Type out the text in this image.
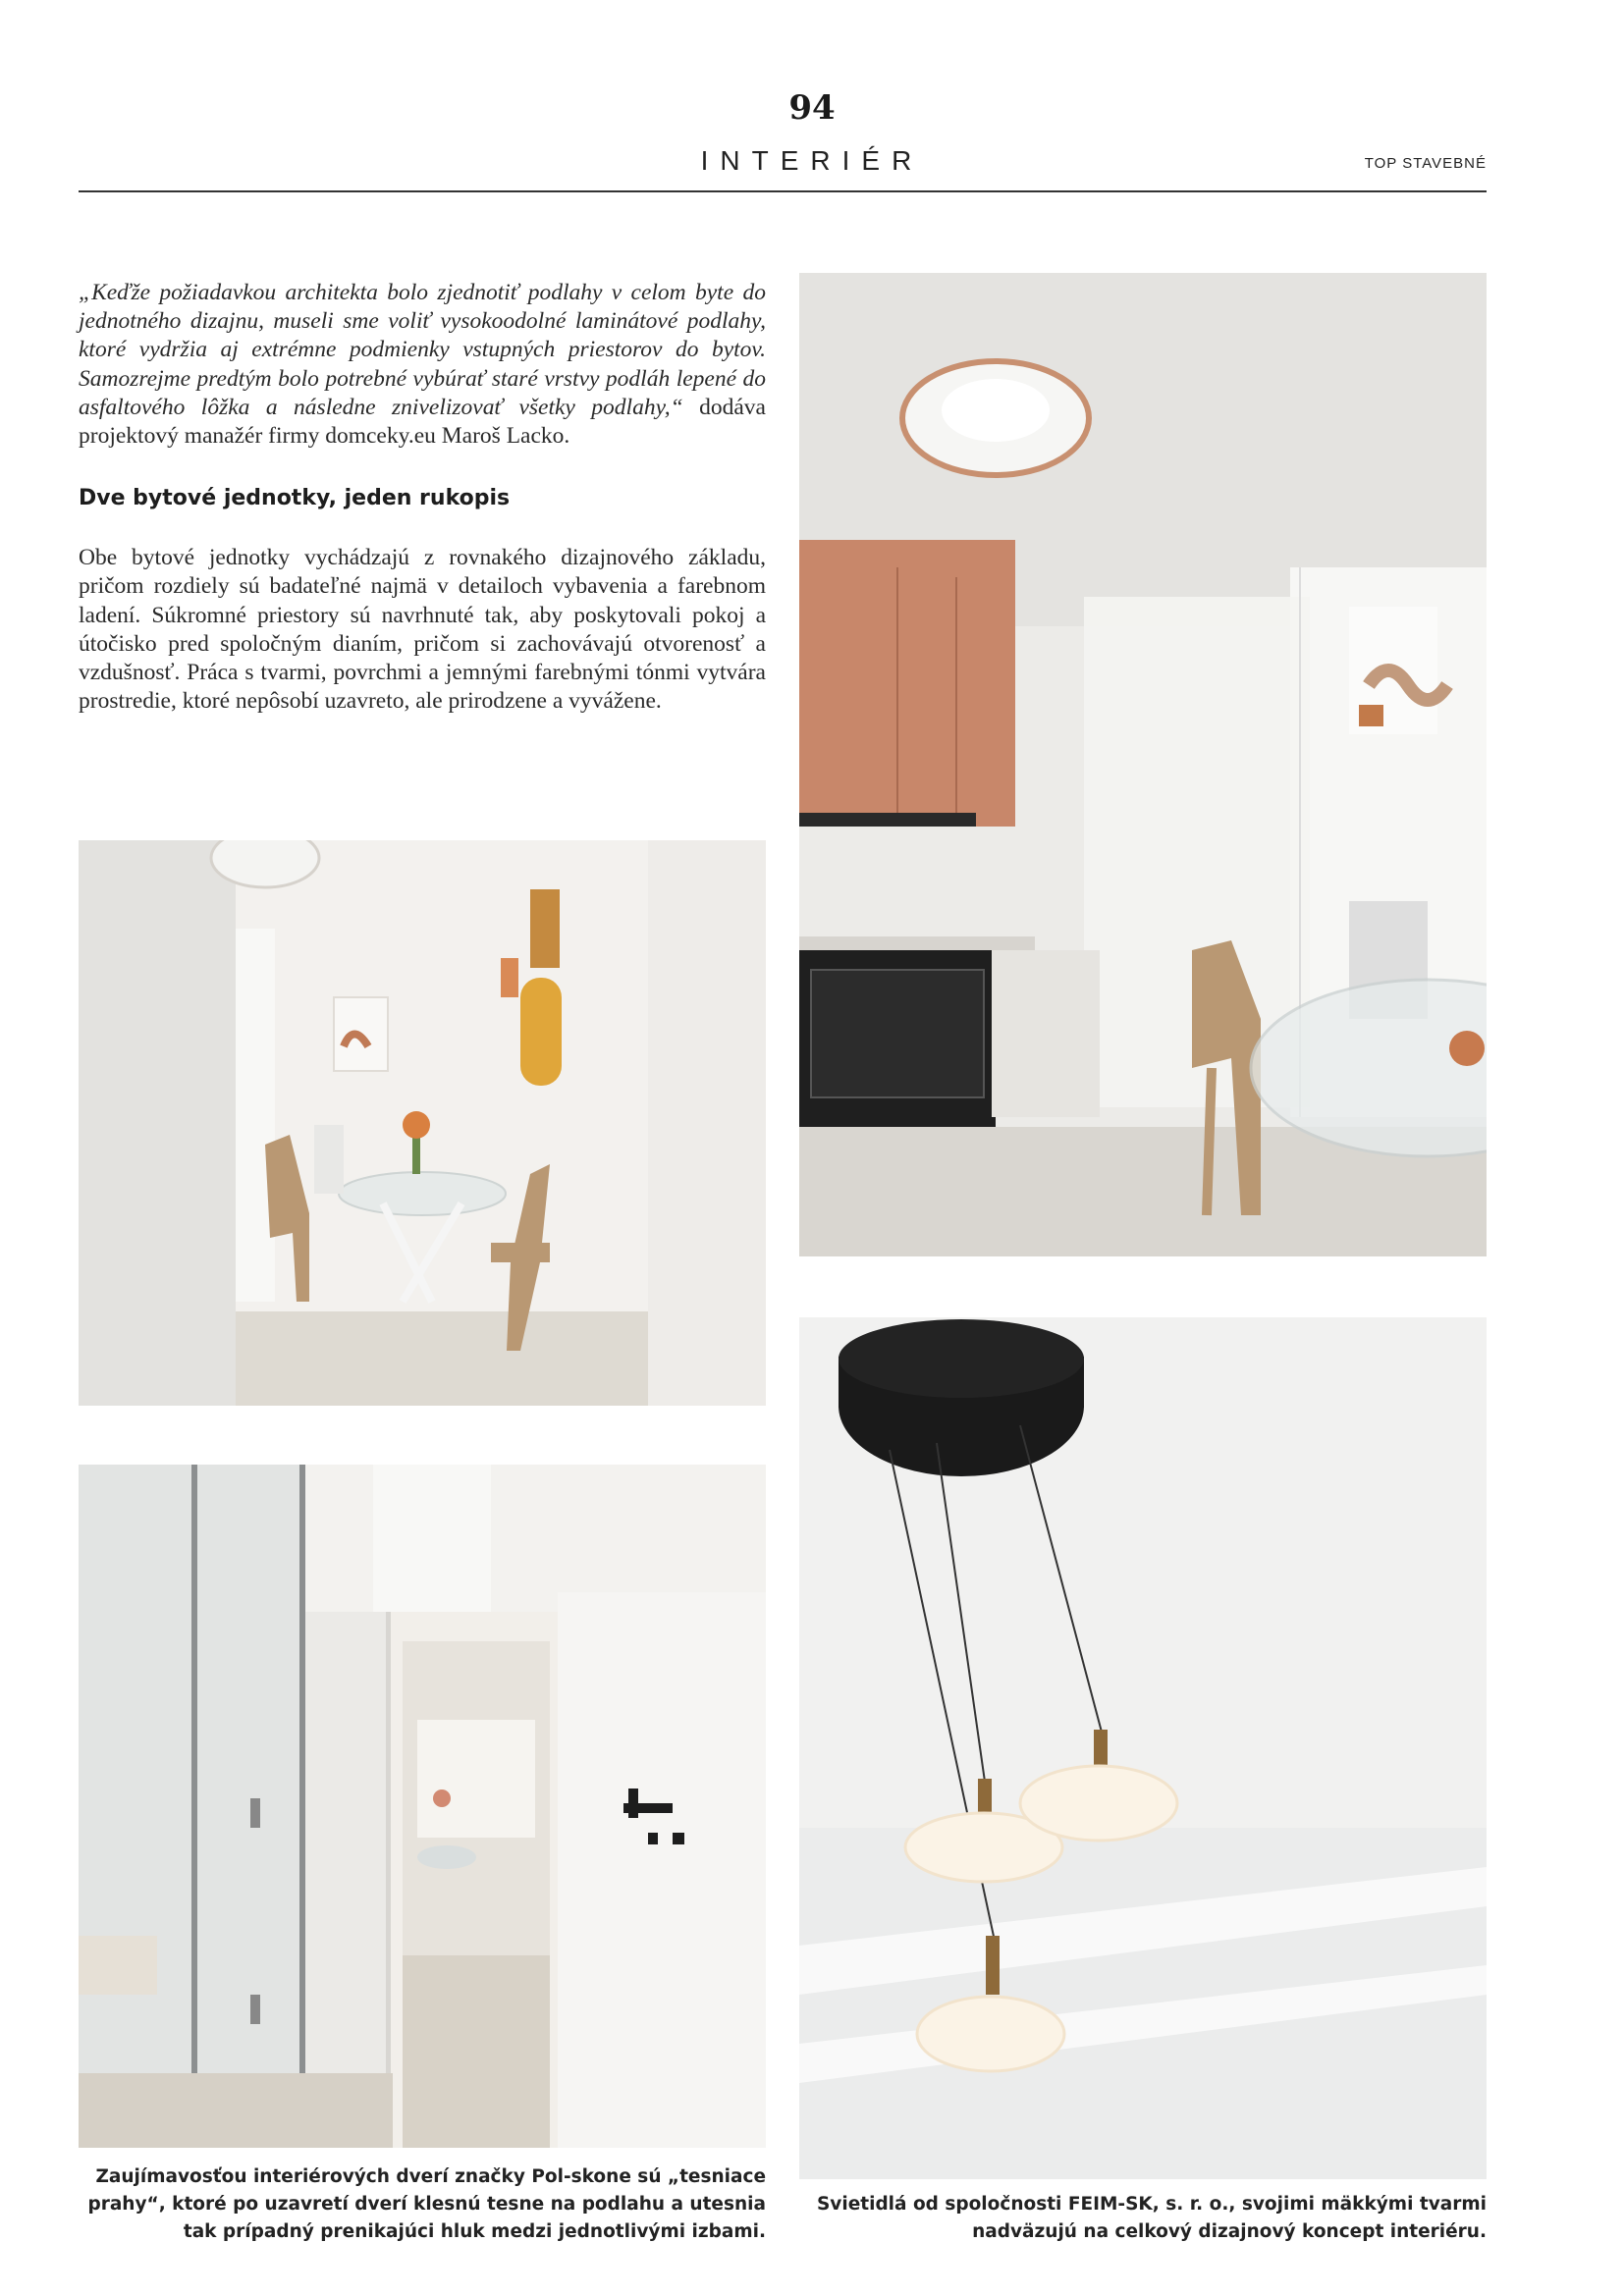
94
INTERIÉR	TOP STAVEBNÉ

„Keďže požiadavkou architekta bolo zjednotiť podlahy v celom byte do jednotného dizajnu, museli sme voliť vysokoodolné laminátové podlahy, ktoré vydržia aj extrémne podmienky vstupných priestorov do bytov. Samozrejme predtým bolo potrebné vybúrať staré vrstvy podláh lepené do asfaltového lôžka a následne znivelizovať všetky podlahy,“ dodáva projektový manažér firmy domceky.eu Maroš Lacko.

Dve bytové jednotky, jeden rukopis

Obe bytové jednotky vychádzajú z rovnakého dizajnového základu, pričom rozdiely sú badateľné najmä v detailoch vybavenia a farebnom ladení. Súkromné priestory sú navrhnuté tak, aby poskytovali pokoj a útočisko pred spoločným dianím, pričom si zachovávajú otvorenosť a vzdušnosť. Práca s tvarmi, povrchmi a jemnými farebnými tónmi vytvára prostredie, ktoré nepôsobí uzavreto, ale prirodzene a vyvážene.

Zaujímavosťou interiérových dverí značky Pol-skone sú „tesniace prahy“, ktoré po uzavretí dverí klesnú tesne na podlahu a utesnia tak prípadný prenikajúci hluk medzi jednotlivými izbami.
Svietidlá od spoločnosti FEIM-SK, s. r. o., svojimi mäkkými tvarmi nadväzujú na celkový dizajnový koncept interiéru.
